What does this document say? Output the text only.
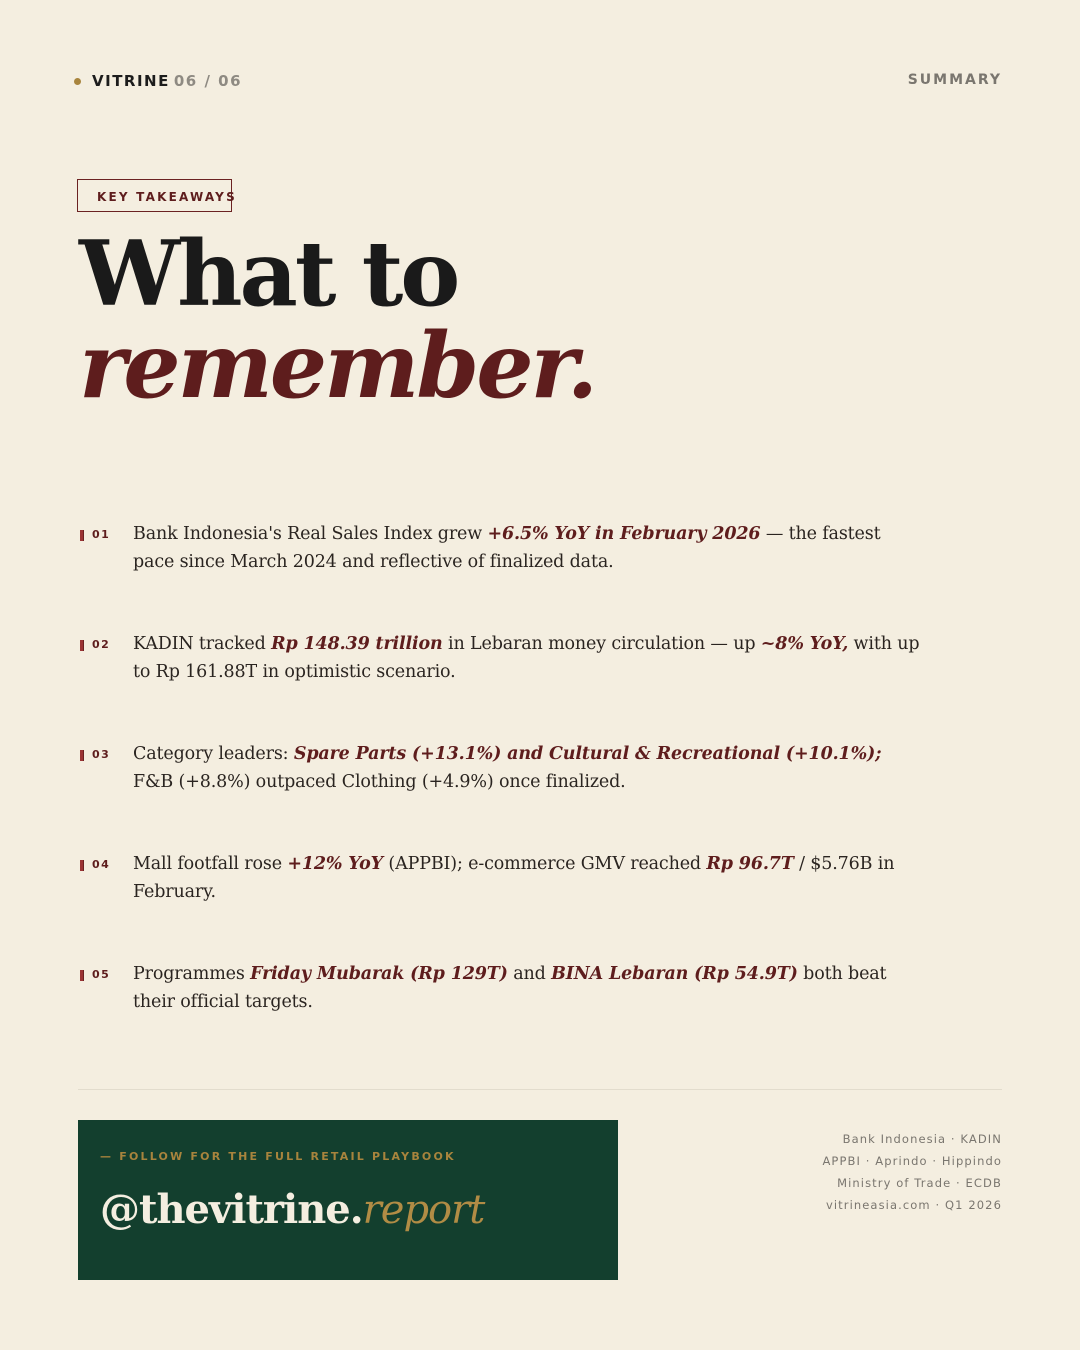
VITRINE 06 / 06	SUMMARY
KEY TAKEAWAYS
What to
remember.
01 Bank Indonesia's Real Sales Index grew +6.5% YoY in February 2026 — the fastest pace since March 2024 and reflective of finalized data.
02 KADIN tracked Rp 148.39 trillion in Lebaran money circulation — up ~8% YoY, with up to Rp 161.88T in optimistic scenario.
03 Category leaders: Spare Parts (+13.1%) and Cultural & Recreational (+10.1%); F&B (+8.8%) outpaced Clothing (+4.9%) once finalized.
04 Mall footfall rose +12% YoY (APPBI); e-commerce GMV reached Rp 96.7T / $5.76B in February.
05 Programmes Friday Mubarak (Rp 129T) and BINA Lebaran (Rp 54.9T) both beat their official targets.
— FOLLOW FOR THE FULL RETAIL PLAYBOOK
@thevitrine.report
Bank Indonesia · KADIN
APPBI · Aprindo · Hippindo
Ministry of Trade · ECDB
vitrineasia.com · Q1 2026
